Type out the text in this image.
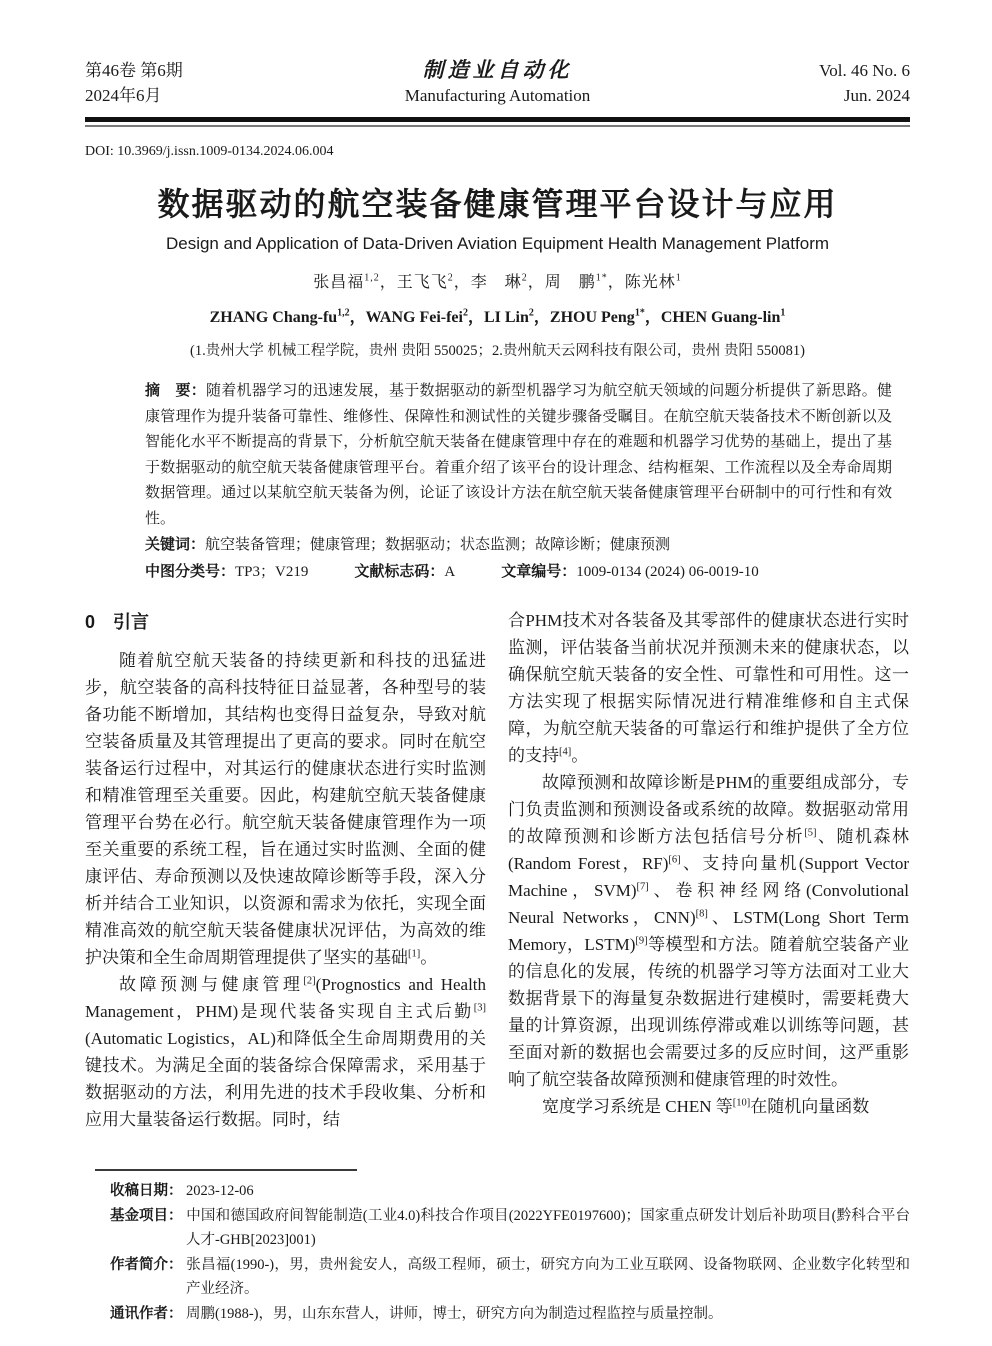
第46卷 第6期
2024年6月
制造业自动化
Manufacturing Automation
Vol. 46 No. 6
Jun. 2024
DOI: 10.3969/j.issn.1009-0134.2024.06.004
数据驱动的航空装备健康管理平台设计与应用
Design and Application of Data-Driven Aviation Equipment Health Management Platform
张昌福$^{1,2}$，王飞飞$^2$，李　琳$^2$，周　鹏$^{1*}$，陈光林$^1$
ZHANG Chang-fu$^{1,2}$，WANG Fei-fei$^2$，LI Lin$^2$，ZHOU Peng$^{1*}$，CHEN Guang-lin$^1$
(1.贵州大学 机械工程学院，贵州 贵阳 550025；2.贵州航天云网科技有限公司，贵州 贵阳 550081)
摘　要：随着机器学习的迅速发展，基于数据驱动的新型机器学习为航空航天领域的问题分析提供了新思路。健康管理作为提升装备可靠性、维修性、保障性和测试性的关键步骤备受瞩目。在航空航天装备技术不断创新以及智能化水平不断提高的背景下，分析航空航天装备在健康管理中存在的难题和机器学习优势的基础上，提出了基于数据驱动的航空航天装备健康管理平台。着重介绍了该平台的设计理念、结构框架、工作流程以及全寿命周期数据管理。通过以某航空航天装备为例，论证了该设计方法在航空航天装备健康管理平台研制中的可行性和有效性。
关键词：航空装备管理；健康管理；数据驱动；状态监测；故障诊断；健康预测
中图分类号：TP3；V219	文献标志码：A	文章编号：1009-0134 (2024) 06-0019-10
0　引言

随着航空航天装备的持续更新和科技的迅猛进步，航空装备的高科技特征日益显著，各种型号的装备功能不断增加，其结构也变得日益复杂，导致对航空装备质量及其管理提出了更高的要求。同时在航空装备运行过程中，对其运行的健康状态进行实时监测和精准管理至关重要。因此，构建航空航天装备健康管理平台势在必行。航空航天装备健康管理作为一项至关重要的系统工程，旨在通过实时监测、全面的健康评估、寿命预测以及快速故障诊断等手段，深入分析并结合工业知识，以资源和需求为依托，实现全面精准高效的航空航天装备健康状况评估，为高效的维护决策和全生命周期管理提供了坚实的基础[1]。

故障预测与健康管理[2](Prognostics and Health Management，PHM)是现代装备实现自主式后勤[3](Automatic Logistics，AL)和降低全生命周期费用的关键技术。为满足全面的装备综合保障需求，采用基于数据驱动的方法，利用先进的技术手段收集、分析和应用大量装备运行数据。同时，结

合PHM技术对各装备及其零部件的健康状态进行实时监测，评估装备当前状况并预测未来的健康状态，以确保航空航天装备的安全性、可靠性和可用性。这一方法实现了根据实际情况进行精准维修和自主式保障，为航空航天装备的可靠运行和维护提供了全方位的支持[4]。

故障预测和故障诊断是PHM的重要组成部分，专门负责监测和预测设备或系统的故障。数据驱动常用的故障预测和诊断方法包括信号分析[5]、随机森林(Random Forest，RF)[6]、支持向量机(Support Vector Machine，SVM)[7]、卷积神经网络(Convolutional Neural Networks，CNN)[8]、LSTM(Long Short Term Memory，LSTM)[9]等模型和方法。随着航空装备产业的信息化的发展，传统的机器学习等方法面对工业大数据背景下的海量复杂数据进行建模时，需要耗费大量的计算资源，出现训练停滞或难以训练等问题，甚至面对新的数据也会需要过多的反应时间，这严重影响了航空装备故障预测和健康管理的时效性。

宽度学习系统是 CHEN 等[10]在随机向量函数

收稿日期： 2023-12-06
基金项目： 中国和德国政府间智能制造(工业4.0)科技合作项目(2022YFE0197600)；国家重点研发计划后补助项目(黔科合平台人才-GHB[2023]001)
作者简介： 张昌福(1990-)，男，贵州瓮安人，高级工程师，硕士，研究方向为工业互联网、设备物联网、企业数字化转型和产业经济。
通讯作者： 周鹏(1988-)，男，山东东营人，讲师，博士，研究方向为制造过程监控与质量控制。
